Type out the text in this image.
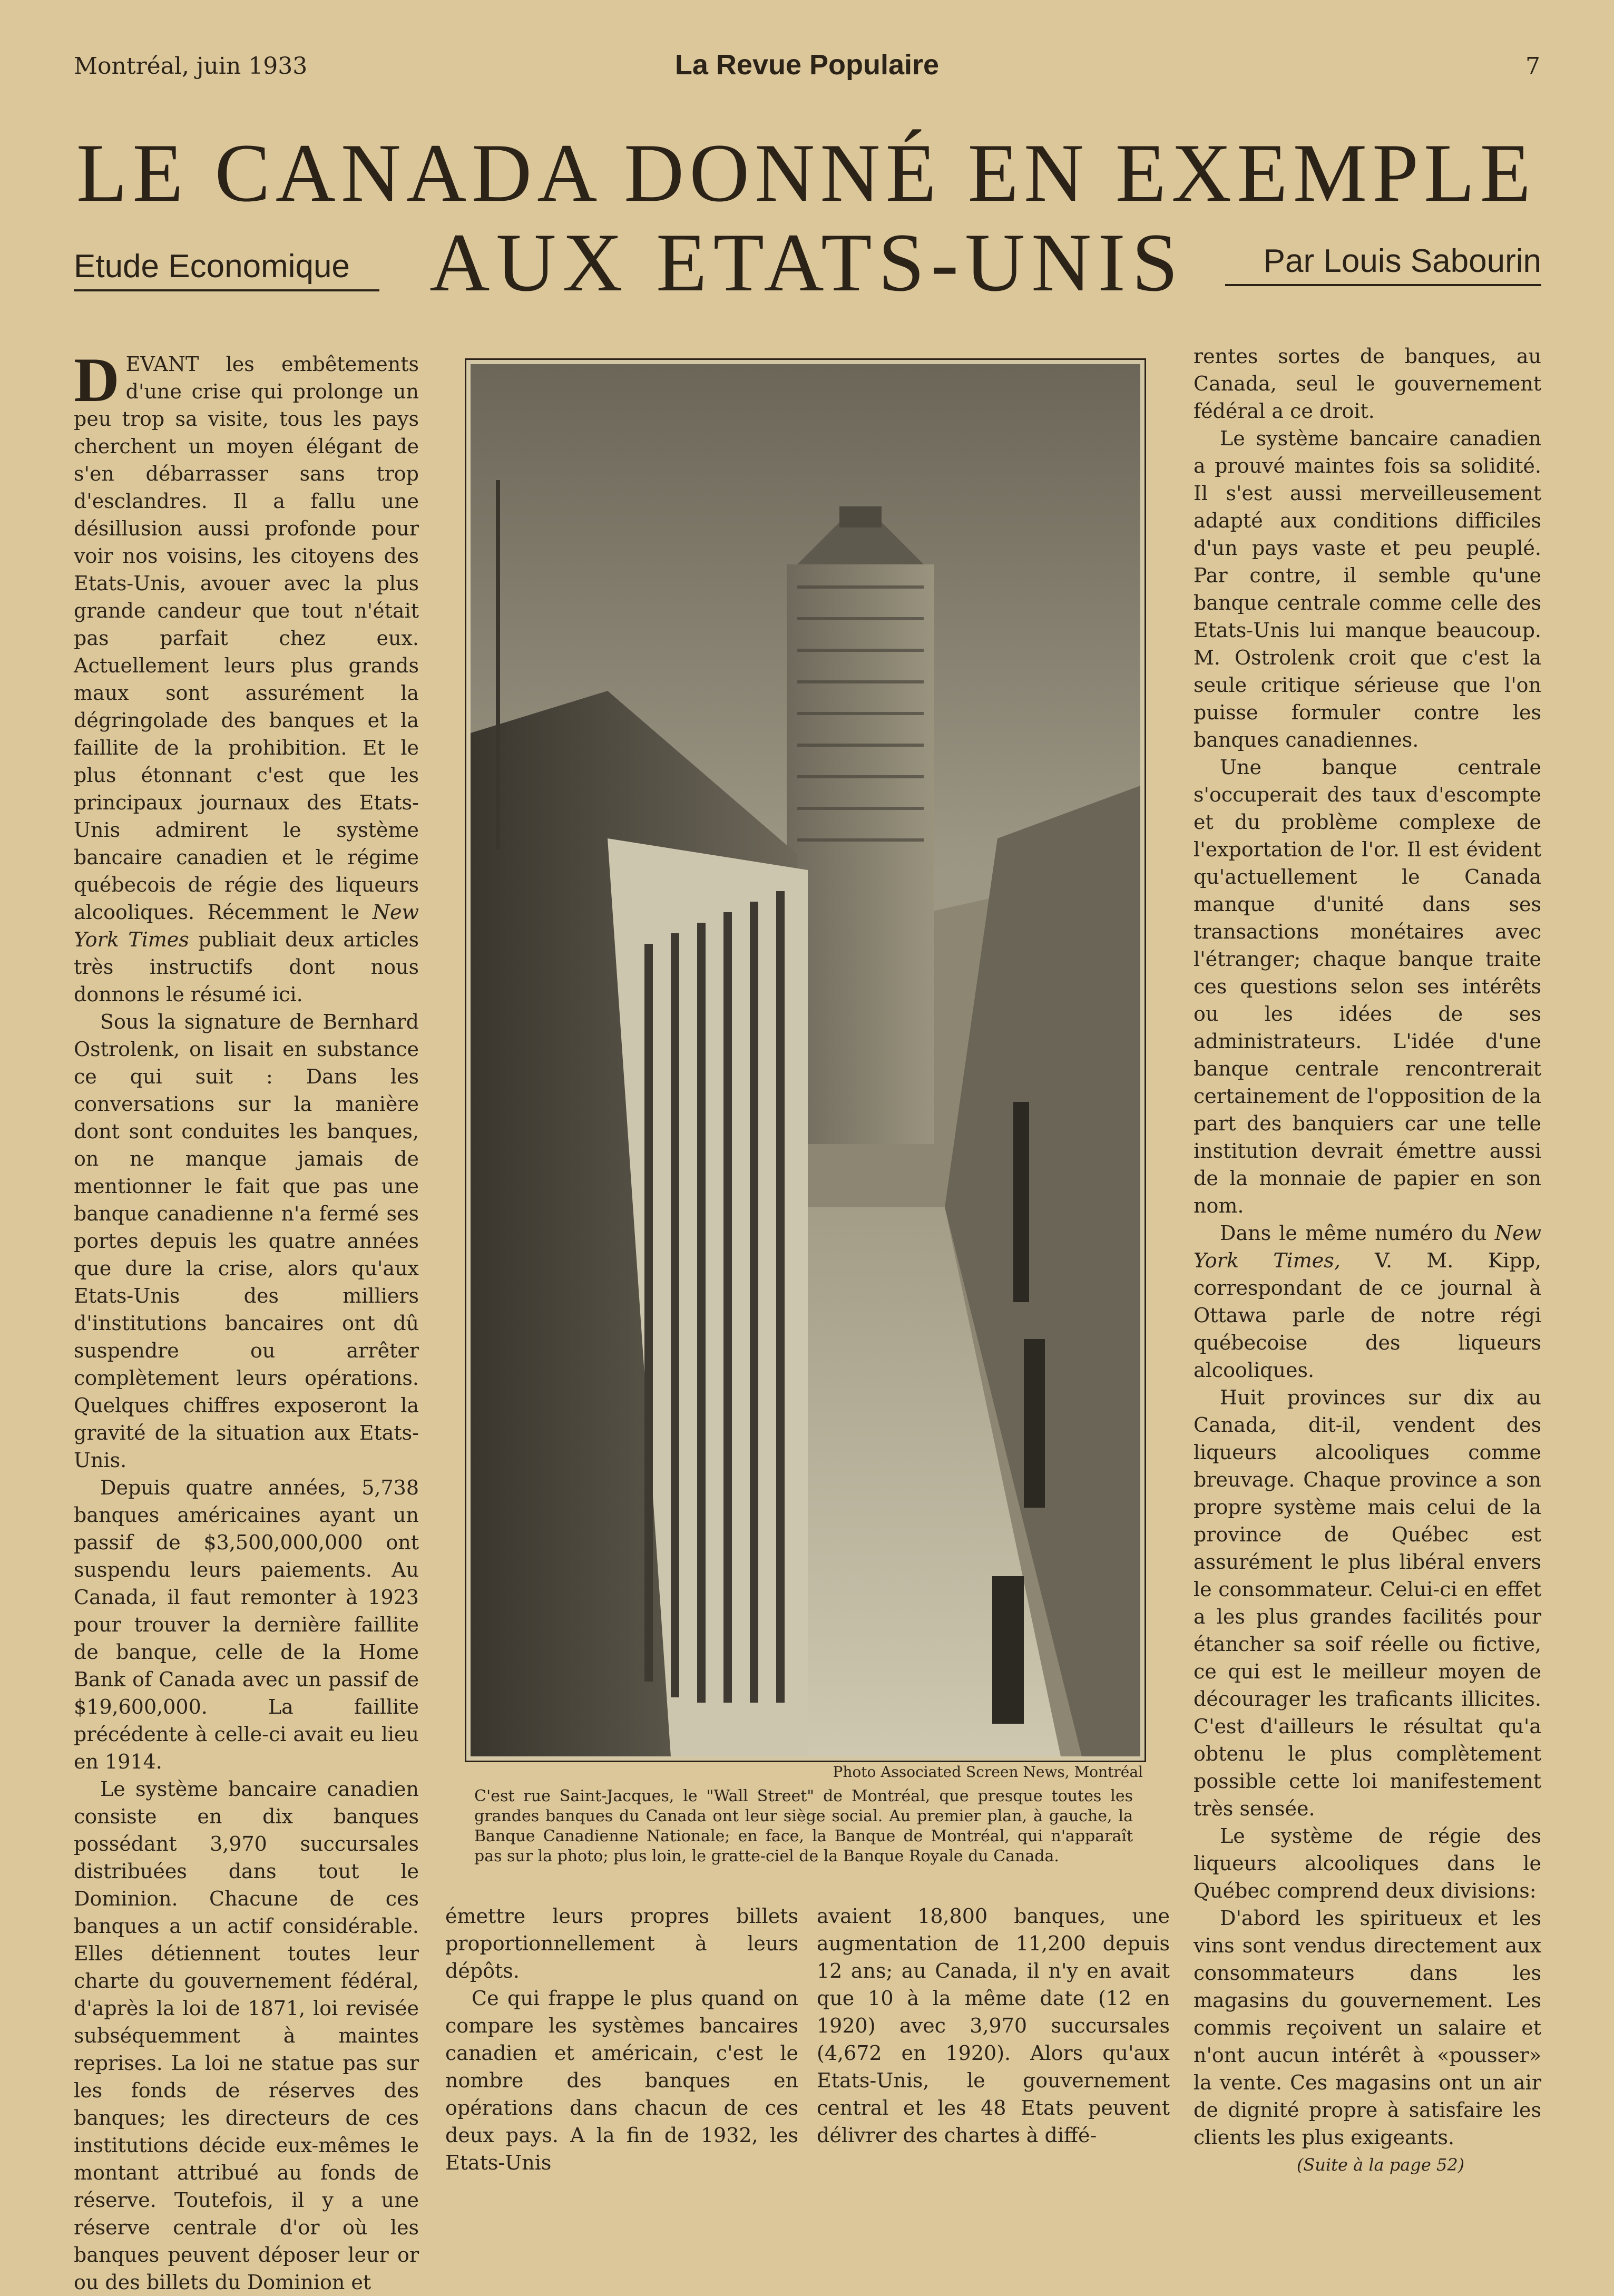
Montréal, juin 1933	La Revue Populaire	7
LE CANADA DONNÉ EN EXEMPLE
Etude Economique AUX ETATS-UNIS	Par Louis Sabourin

DEVANT les embêtements d'une crise qui prolonge un peu trop sa visite, tous les pays cherchent un moyen élégant de s'en débarrasser sans trop d'esclandres. Il a fallu une désillusion aussi profonde pour voir nos voisins, les citoyens des Etats-Unis, avouer avec la plus grande candeur que tout n'était pas parfait chez eux. Actuellement leurs plus grands maux sont assurément la dégringolade des banques et la faillite de la prohibition. Et le plus étonnant c'est que les principaux journaux des Etats-Unis admirent le système bancaire canadien et le régime québecois de régie des liqueurs alcooliques. Récemment le New York Times publiait deux articles très instructifs dont nous donnons le résumé ici.

Sous la signature de Bernhard Ostrolenk, on lisait en substance ce qui suit : Dans les conversations sur la manière dont sont conduites les banques, on ne manque jamais de mentionner le fait que pas une banque canadienne n'a fermé ses portes depuis les quatre années que dure la crise, alors qu'aux Etats-Unis des milliers d'institutions bancaires ont dû suspendre ou arrêter complètement leurs opérations. Quelques chiffres exposeront la gravité de la situation aux Etats-Unis.

Depuis quatre années, 5,738 banques américaines ayant un passif de $3,500,000,000 ont suspendu leurs paiements. Au Canada, il faut remonter à 1923 pour trouver la dernière faillite de banque, celle de la Home Bank of Canada avec un passif de $19,600,000. La faillite précédente à celle-ci avait eu lieu en 1914.

Le système bancaire canadien consiste en dix banques possédant 3,970 succursales distribuées dans tout le Dominion. Chacune de ces banques a un actif considérable. Elles détiennent toutes leur charte du gouvernement fédéral, d'après la loi de 1871, loi revisée subséquemment à maintes reprises. La loi ne statue pas sur les fonds de réserves des banques; les directeurs de ces institutions décide eux-mêmes le montant attribué au fonds de réserve. Toutefois, il y a une réserve centrale d'or où les banques peuvent déposer leur or ou des billets du Dominion et

Photo Associated Screen News, Montréal
C'est rue Saint-Jacques, le "Wall Street" de Montréal, que presque toutes les grandes banques du Canada ont leur siège social. Au premier plan, à gauche, la Banque Canadienne Nationale; en face, la Banque de Montréal, qui n'apparaît pas sur la photo; plus loin, le gratte-ciel de la Banque Royale du Canada.

émettre leurs propres billets proportionnellement à leurs dépôts.

Ce qui frappe le plus quand on compare les systèmes bancaires canadien et américain, c'est le nombre des banques en opérations dans chacun de ces deux pays. A la fin de 1932, les Etats-Unis

avaient 18,800 banques, une augmentation de 11,200 depuis 12 ans; au Canada, il n'y en avait que 10 à la même date (12 en 1920) avec 3,970 succursales (4,672 en 1920). Alors qu'aux Etats-Unis, le gouvernement central et les 48 Etats peuvent délivrer des chartes à diffé-

rentes sortes de banques, au Canada, seul le gouvernement fédéral a ce droit.

Le système bancaire canadien a prouvé maintes fois sa solidité. Il s'est aussi merveilleusement adapté aux conditions difficiles d'un pays vaste et peu peuplé. Par contre, il semble qu'une banque centrale comme celle des Etats-Unis lui manque beaucoup. M. Ostrolenk croit que c'est la seule critique sérieuse que l'on puisse formuler contre les banques canadiennes.

Une banque centrale s'occuperait des taux d'escompte et du problème complexe de l'exportation de l'or. Il est évident qu'actuellement le Canada manque d'unité dans ses transactions monétaires avec l'étranger; chaque banque traite ces questions selon ses intérêts ou les idées de ses administrateurs. L'idée d'une banque centrale rencontrerait certainement de l'opposition de la part des banquiers car une telle institution devrait émettre aussi de la monnaie de papier en son nom.

Dans le même numéro du New York Times, V. M. Kipp, correspondant de ce journal à Ottawa parle de notre régi québecoise des liqueurs alcooliques.

Huit provinces sur dix au Canada, dit-il, vendent des liqueurs alcooliques comme breuvage. Chaque province a son propre système mais celui de la province de Québec est assurément le plus libéral envers le consommateur. Celui-ci en effet a les plus grandes facilités pour étancher sa soif réelle ou fictive, ce qui est le meilleur moyen de décourager les traficants illicites. C'est d'ailleurs le résultat qu'a obtenu le plus complètement possible cette loi manifestement très sensée.

Le système de régie des liqueurs alcooliques dans le Québec comprend deux divisions:

D'abord les spiritueux et les vins sont vendus directement aux consommateurs dans les magasins du gouvernement. Les commis reçoivent un salaire et n'ont aucun intérêt à «pousser» la vente. Ces magasins ont un air de dignité propre à satisfaire les clients les plus exigeants.

(Suite à la page 52)
